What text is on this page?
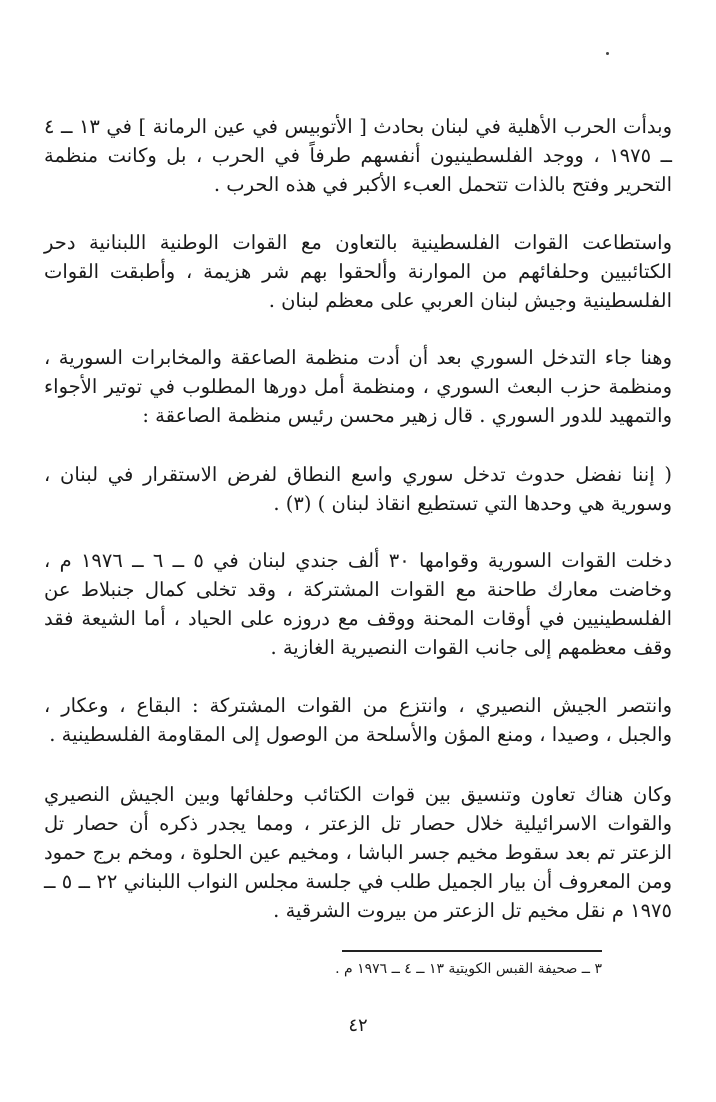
وبدأت الحرب الأهلية في لبنان بحادث [ الأتوبيس في عين الرمانة ] في ١٣ ــ ٤ ــ ١٩٧٥ ، ووجد الفلسطينيون أنفسهم طرفاً في الحرب ، بل وكانت منظمة التحرير وفتح بالذات تتحمل العبء الأكبر في هذه الحرب .

واستطاعت القوات الفلسطينية بالتعاون مع القوات الوطنية اللبنانية دحر الكتائبيين وحلفائهم من الموارنة وألحقوا بهم شر هزيمة ، وأطبقت القوات الفلسطينية وجيش لبنان العربي على معظم لبنان .

وهنا جاء التدخل السوري بعد أن أدت منظمة الصاعقة والمخابرات السورية ، ومنظمة حزب البعث السوري ، ومنظمة أمل دورها المطلوب في توتير الأجواء والتمهيد للدور السوري . قال زهير محسن رئيس منظمة الصاعقة :

( إننا نفضل حدوث تدخل سوري واسع النطاق لفرض الاستقرار في لبنان ، وسورية هي وحدها التي تستطيع انقاذ لبنان ) (٣) .

دخلت القوات السورية وقوامها ٣٠ ألف جندي لبنان في ٥ ــ ٦ ــ ١٩٧٦ م ، وخاضت معارك طاحنة مع القوات المشتركة ، وقد تخلى كمال جنبلاط عن الفلسطينيين في أوقات المحنة ووقف مع دروزه على الحياد ، أما الشيعة فقد وقف معظمهم إلى جانب القوات النصيرية الغازية .

وانتصر الجيش النصيري ، وانتزع من القوات المشتركة : البقاع ، وعكار ، والجبل ، وصيدا ، ومنع المؤن والأسلحة من الوصول إلى المقاومة الفلسطينية .

وكان هناك تعاون وتنسيق بين قوات الكتائب وحلفائها وبين الجيش النصيري والقوات الاسرائيلية خلال حصار تل الزعتر ، ومما يجدر ذكره أن حصار تل الزعتر تم بعد سقوط مخيم جسر الباشا ، ومخيم عين الحلوة ، ومخم برج حمود ومن المعروف أن بيار الجميل طلب في جلسة مجلس النواب اللبناني ٢٢ ــ ٥ ــ ١٩٧٥ م نقل مخيم تل الزعتر من بيروت الشرقية .

٣ ــ صحيفة القبس الكويتية ١٣ ــ ٤ ــ ١٩٧٦ م .
٤٢
